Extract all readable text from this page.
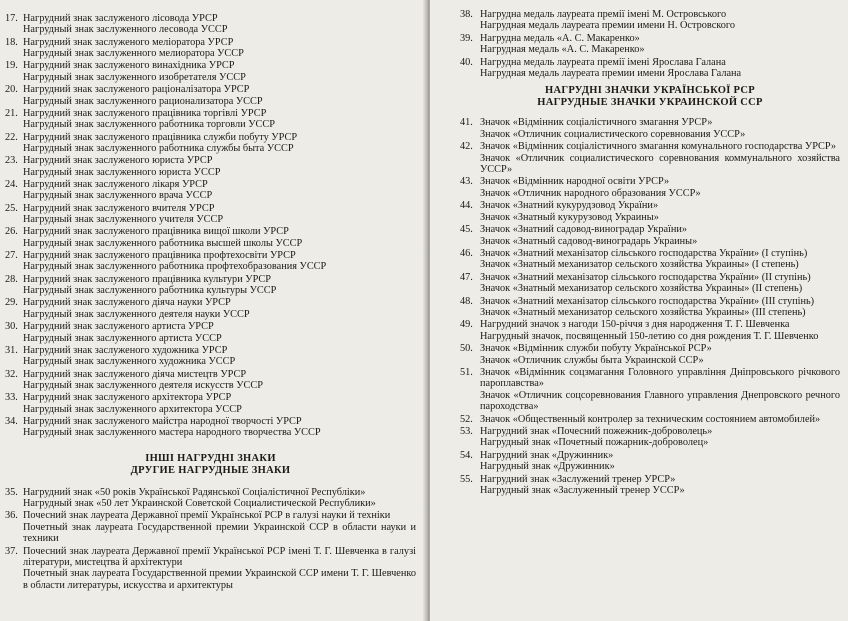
17. Нагрудний знак заслуженого лісовода УРСР
Нагрудный знак заслуженного лесовода УССР
18. Нагрудний знак заслуженого меліоратора УРСР
Нагрудный знак заслуженного мелиоратора УССР
19. Нагрудний знак заслуженого винахідника УРСР
Нагрудный знак заслуженного изобретателя УССР
20. Нагрудний знак заслуженого раціоналізатора УРСР
Нагрудный знак заслуженного рационализатора УССР
21. Нагрудний знак заслуженого працівника торгівлі УРСР
Нагрудный знак заслуженного работника торговли УССР
22. Нагрудний знак заслуженого працівника служби побуту УРСР
Нагрудный знак заслуженного работника службы быта УССР
23. Нагрудний знак заслуженого юриста УРСР
Нагрудный знак заслуженного юриста УССР
24. Нагрудний знак заслуженого лікаря УРСР
Нагрудный знак заслуженного врача УССР
25. Нагрудний знак заслуженого вчителя УРСР
Нагрудный знак заслуженного учителя УССР
26. Нагрудний знак заслуженого працівника вищої школи УРСР
Нагрудный знак заслуженного работника высшей школы УССР
27. Нагрудний знак заслуженого працівника профтехосвіти УРСР
Нагрудный знак заслуженного работника профтехобразования УССР
28. Нагрудний знак заслуженого працівника культури УРСР
Нагрудный знак заслуженного работника культуры УССР
29. Нагрудний знак заслуженого діяча науки УРСР
Нагрудный знак заслуженного деятеля науки УССР
30. Нагрудний знак заслуженого артиста УРСР
Нагрудный знак заслуженного артиста УССР
31. Нагрудний знак заслуженого художника УРСР
Нагрудный знак заслуженного художника УССР
32. Нагрудний знак заслуженого діяча мистецтв УРСР
Нагрудный знак заслуженного деятеля искусств УССР
33. Нагрудний знак заслуженого архітектора УРСР
Нагрудный знак заслуженного архитектора УССР
34. Нагрудний знак заслуженого майстра народної творчості УРСР
Нагрудный знак заслуженного мастера народного творчества УССР
ІНШІ НАГРУДНІ ЗНАКИ
ДРУГИЕ НАГРУДНЫЕ ЗНАКИ
35. Нагрудний знак «50 років Української Радянської Соціалістичної Республіки»
Нагрудный знак «50 лет Украинской Советской Социалистической Республики»
36. Почесний знак лауреата Державної премії Української РСР в галузі науки й техніки
Почетный знак лауреата Государственной премии Украинской ССР в области науки и техники
37. Почесний знак лауреата Державної премії Української РСР імені Т. Г. Шевченка в галузі літератури, мистецтва й архітектури
Почетный знак лауреата Государственной премии Украинской ССР имени Т. Г. Шевченко в области литературы, искусства и архитектуры
38. Нагрудна медаль лауреата премії імені М. Островського
Нагрудная медаль лауреата премии имени Н. Островского
39. Нагрудна медаль «А. С. Макаренко»
Нагрудная медаль «А. С. Макаренко»
40. Нагрудна медаль лауреата премії імені Ярослава Галана
Нагрудная медаль лауреата премии имени Ярослава Галана
НАГРУДНІ ЗНАЧКИ УКРАЇНСЬКОЇ РСР
НАГРУДНЫЕ ЗНАЧКИ УКРАИНСКОЙ ССР
41. Значок «Відмінник соціалістичного змагання УРСР»
Значок «Отличник социалистического соревнования УССР»
42. Значок «Відмінник соціалістичного змагання комунального господарства УРСР»
Значок «Отличник социалистического соревнования коммунального хозяйства УССР»
43. Значок «Відмінник народної освіти УРСР»
Значок «Отличник народного образования УССР»
44. Значок «Знатний кукурудзовод України»
Значок «Знатный кукурузовод Украины»
45. Значок «Знатний садовод-виноградар України»
Значок «Знатный садовод-виноградарь Украины»
46. Значок «Знатний механізатор сільського господарства України» (I ступінь)
Значок «Знатный механизатор сельского хозяйства Украины» (I степень)
47. Значок «Знатний механізатор сільського господарства України» (II ступінь)
Значок «Знатный механизатор сельского хозяйства Украины» (II степень)
48. Значок «Знатний механізатор сільського господарства України» (III ступінь)
Значок «Знатный механизатор сельского хозяйства Украины» (III степень)
49. Нагрудний значок з нагоди 150-річчя з дня народження Т. Г. Шевченка
Нагрудный значок, посвященный 150-летию со дня рождения Т. Г. Шевченко
50. Значок «Відмінник служби побуту Української РСР»
Значок «Отличник службы быта Украинской ССР»
51. Значок «Відмінник соцзмагання Головного управління Дніпровського річкового пароплавства»
Значок «Отличник соцсоревнования Главного управления Днепровского речного пароходства»
52. Значок «Общественный контролер за техническим состоянием автомобилей»
53. Нагрудний знак «Почесний пожежник-доброволець»
Нагрудный знак «Почетный пожарник-доброволец»
54. Нагрудний знак «Дружинник»
Нагрудный знак «Дружинник»
55. Нагрудний знак «Заслужений тренер УРСР»
Нагрудный знак «Заслуженный тренер УССР»
